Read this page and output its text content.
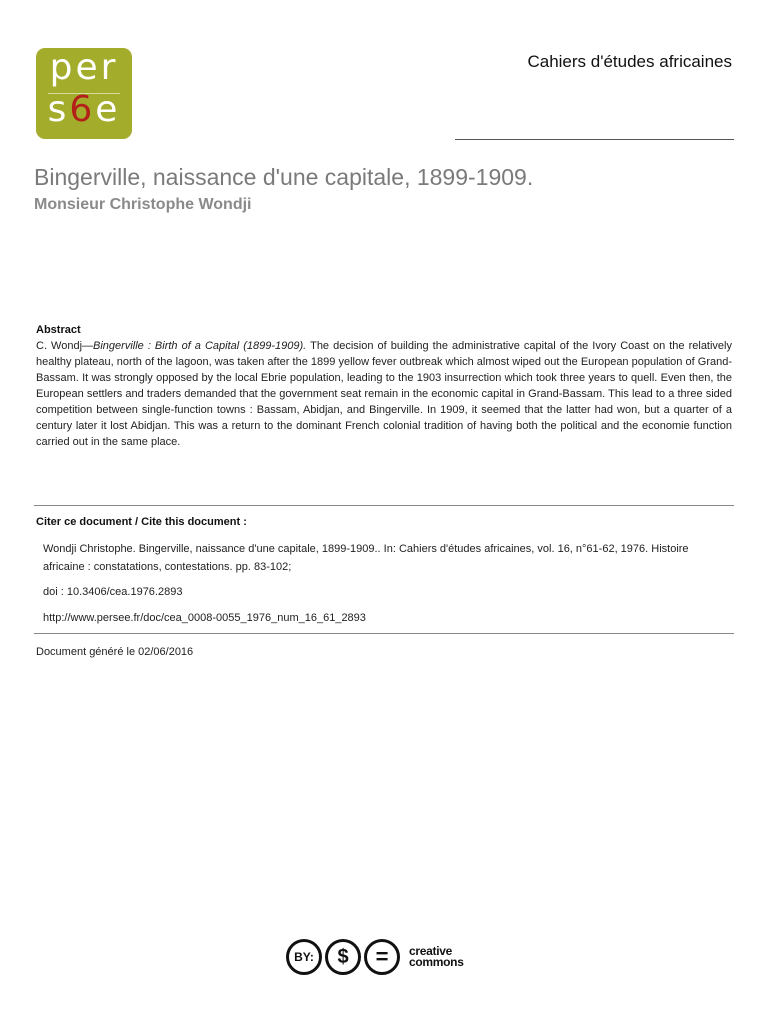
per
s6e
Cahiers d'études africaines
Bingerville, naissance d'une capitale, 1899-1909.
Monsieur Christophe Wondji
Abstract
C. Wondj—Bingerville : Birth of a Capital (1899-1909). The decision of building the administrative capital of the Ivory Coast on the relatively healthy plateau, north of the lagoon, was taken after the 1899 yellow fever outbreak which almost wiped out the European population of Grand-Bassam. It was strongly opposed by the local Ebrie population, leading to the 1903 insurrection which took three years to quell. Even then, the European settlers and traders demanded that the government seat remain in the economic capital in Grand-Bassam. This lead to a three sided competition between single-function towns : Bassam, Abidjan, and Bingerville. In 1909, it seemed that the latter had won, but a quarter of a century later it lost Abidjan. This was a return to the dominant French colonial tradition of having both the political and the economie function carried out in the same place.
Citer ce document / Cite this document :
Wondji Christophe. Bingerville, naissance d'une capitale, 1899-1909.. In: Cahiers d'études africaines, vol. 16, n°61-62, 1976. Histoire africaine : constatations, contestations. pp. 83-102;
doi : 10.3406/cea.1976.2893
http://www.persee.fr/doc/cea_0008-0055_1976_num_16_61_2893
Document généré le 02/06/2016
BY: $ = creative
commons
